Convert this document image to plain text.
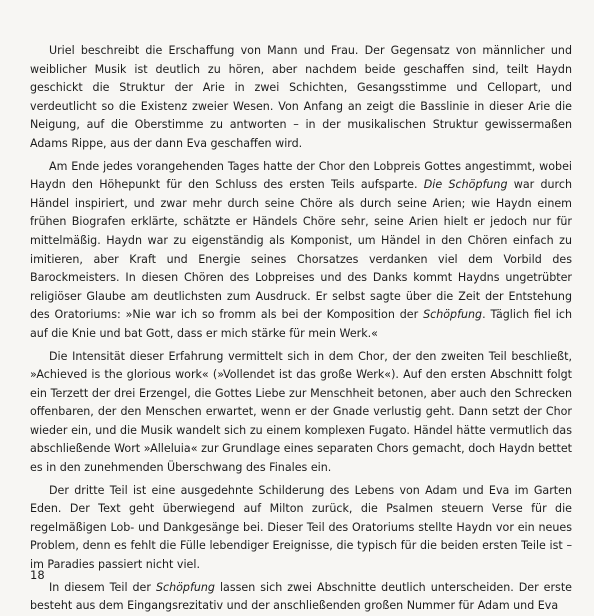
Uriel beschreibt die Erschaffung von Mann und Frau. Der Gegensatz von männlicher und weiblicher Musik ist deutlich zu hören, aber nachdem beide geschaffen sind, teilt Haydn geschickt die Struktur der Arie in zwei Schichten, Gesangsstimme und Cellopart, und verdeutlicht so die Existenz zweier Wesen. Von Anfang an zeigt die Basslinie in dieser Arie die Neigung, auf die Oberstimme zu antworten – in der musikalischen Struktur gewissermaßen Adams Rippe, aus der dann Eva geschaffen wird.

Am Ende jedes vorangehenden Tages hatte der Chor den Lobpreis Gottes angestimmt, wobei Haydn den Höhepunkt für den Schluss des ersten Teils aufsparte. Die Schöpfung war durch Händel inspiriert, und zwar mehr durch seine Chöre als durch seine Arien; wie Haydn einem frühen Biografen erklärte, schätzte er Händels Chöre sehr, seine Arien hielt er jedoch nur für mittelmäßig. Haydn war zu eigenständig als Komponist, um Händel in den Chören einfach zu imitieren, aber Kraft und Energie seines Chorsatzes verdanken viel dem Vorbild des Barockmeisters. In diesen Chören des Lobpreises und des Danks kommt Haydns ungetrübter religiöser Glaube am deutlichsten zum Ausdruck. Er selbst sagte über die Zeit der Entstehung des Oratoriums: »Nie war ich so fromm als bei der Komposition der Schöpfung. Täglich fiel ich auf die Knie und bat Gott, dass er mich stärke für mein Werk.«

Die Intensität dieser Erfahrung vermittelt sich in dem Chor, der den zweiten Teil beschließt, »Achieved is the glorious work« (»Vollendet ist das große Werk«). Auf den ersten Abschnitt folgt ein Terzett der drei Erzengel, die Gottes Liebe zur Menschheit betonen, aber auch den Schrecken offenbaren, der den Menschen erwartet, wenn er der Gnade verlustig geht. Dann setzt der Chor wieder ein, und die Musik wandelt sich zu einem komplexen Fugato. Händel hätte vermutlich das abschließende Wort »Alleluia« zur Grundlage eines separaten Chors gemacht, doch Haydn bettet es in den zunehmenden Überschwang des Finales ein.

Der dritte Teil ist eine ausgedehnte Schilderung des Lebens von Adam und Eva im Garten Eden. Der Text geht überwiegend auf Milton zurück, die Psalmen steuern Verse für die regelmäßigen Lob- und Dankgesänge bei. Dieser Teil des Oratoriums stellte Haydn vor ein neues Problem, denn es fehlt die Fülle lebendiger Ereignisse, die typisch für die beiden ersten Teile ist – im Paradies passiert nicht viel.

In diesem Teil der Schöpfung lassen sich zwei Abschnitte deutlich unterscheiden. Der erste besteht aus dem Eingangsrezitativ und der anschließenden großen Nummer für Adam und Eva

18
